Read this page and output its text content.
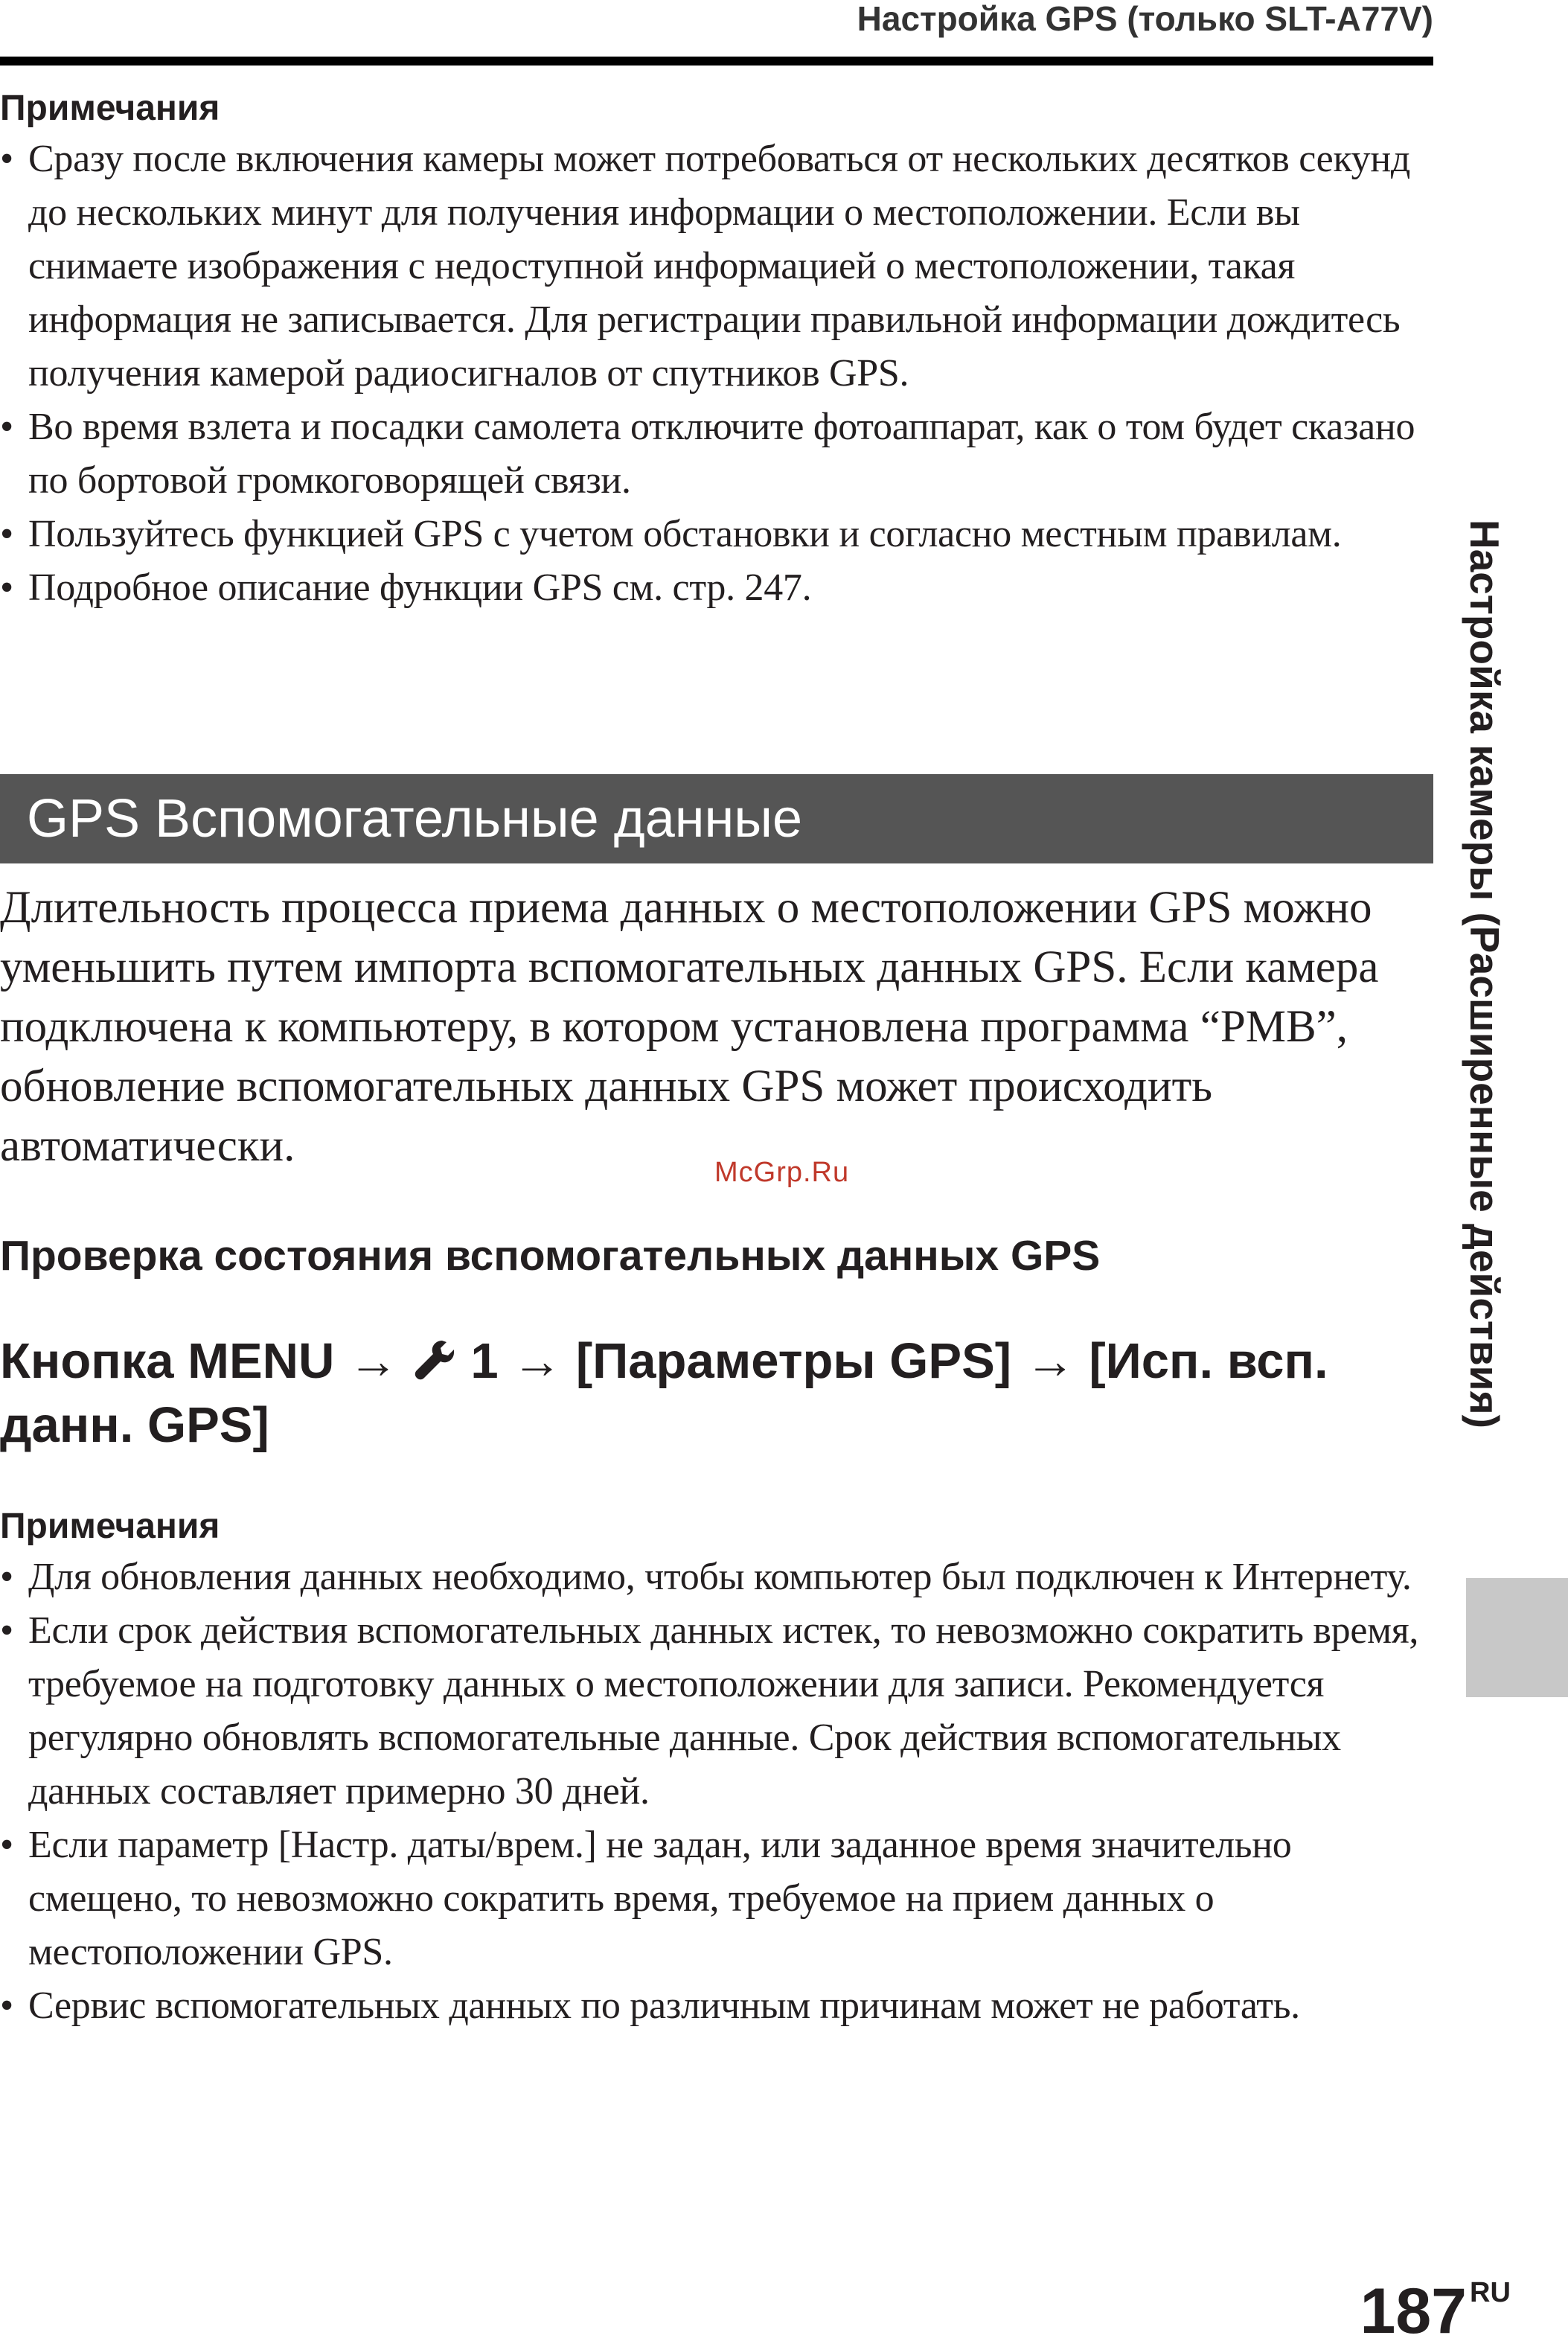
Настройка GPS (только SLT-A77V)
Примечания
• Сразу после включения камеры может потребоваться от нескольких десятков секунд до нескольких минут для получения информации о местоположении. Если вы снимаете изображения с недоступной информацией о местоположении, такая информация не записывается. Для регистрации правильной информации дождитесь получения камерой радиосигналов от спутников GPS.
• Во время взлета и посадки самолета отключите фотоаппарат, как о том будет сказано по бортовой громкоговорящей связи.
• Пользуйтесь функцией GPS с учетом обстановки и согласно местным правилам.
• Подробное описание функции GPS см. стр. 247.
GPS Вспомогательные данные

Длительность процесса приема данных о местоположении GPS можно уменьшить путем импорта вспомогательных данных GPS. Если камера подключена к компьютеру, в котором установлена программа “PMB”, обновление вспомогательных данных GPS может происходить автоматически.

McGrp.Ru
Проверка состояния вспомогательных данных GPS
Кнопка MENU → 1 → [Параметры GPS] → [Исп. всп. данн. GPS]
Примечания
• Для обновления данных необходимо, чтобы компьютер был подключен к Интернету.
• Если срок действия вспомогательных данных истек, то невозможно сократить время, требуемое на подготовку данных о местоположении для записи. Рекомендуется регулярно обновлять вспомогательные данные. Срок действия вспомогательных данных составляет примерно 30 дней.
• Если параметр [Настр. даты/врем.] не задан, или заданное время значительно смещено, то невозможно сократить время, требуемое на прием данных о местоположении GPS.
• Сервис вспомогательных данных по различным причинам может не работать.
Настройка камеры (Расширенные действия)
187 RU
